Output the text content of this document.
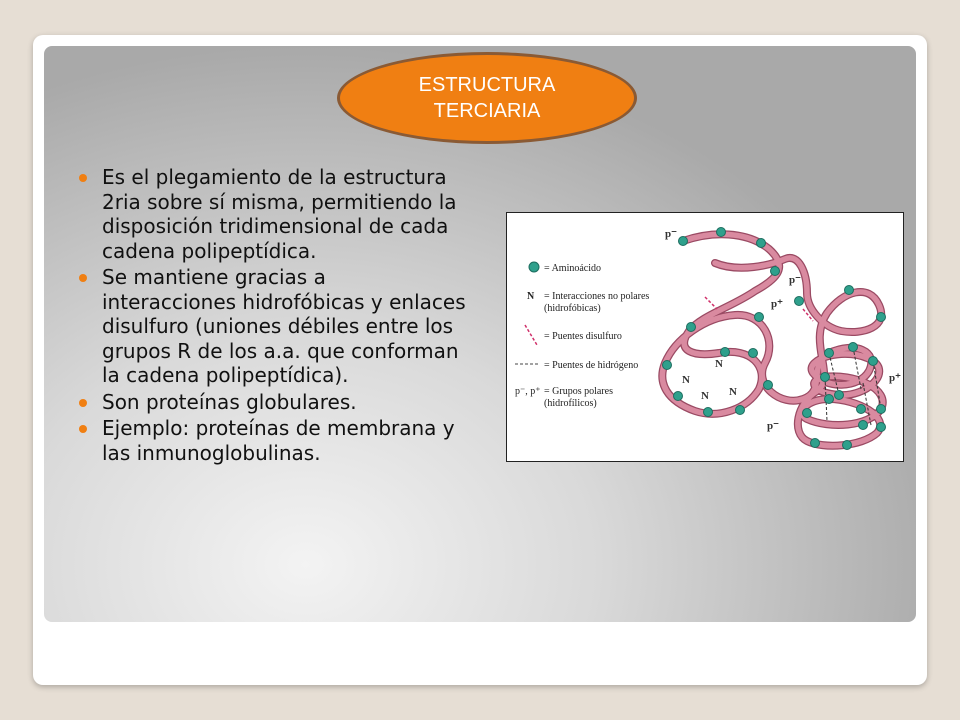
ESTRUCTURA
TERCIARIA
Es el plegamiento de la estructura 2ria sobre sí misma, permitiendo la disposición tridimensional de cada cadena polipeptídica.
Se mantiene gracias a interacciones hidrofóbicas y enlaces disulfuro (uniones débiles entre los grupos R de los a.a. que conforman la cadena polipeptídica).
Son proteínas globulares.
Ejemplo: proteínas de membrana y las inmunoglobulinas.
= Aminoácido
N = Interacciones no polares
(hidrofóbicas)
= Puentes disulfuro
= Puentes de hidrógeno
p⁻, p⁺ = Grupos polares
(hidrofílicos)
p⁻
p⁻
p⁺
N
N
N N
p⁺
p⁻
